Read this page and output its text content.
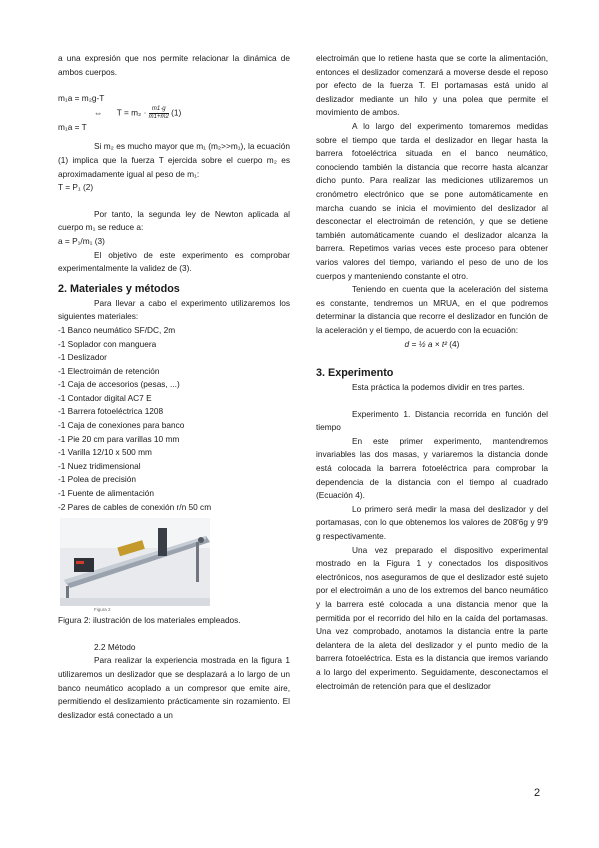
a una expresión que nos permite relacionar la dinámica de ambos cuerpos.

m₁a = m₂g-T
⇔ $T = m_2 \cdot \frac{m1\cdot g}{m1+m2} (1)$
m₁a = T

Si m₂ es mucho mayor que m₁ (m₂>>m₁), la ecuación (1) implica que la fuerza T ejercida sobre el cuerpo m₂ es aproximadamente igual al peso de m₁:

T = P₁ (2)

Por tanto, la segunda ley de Newton aplicada al cuerpo m₁ se reduce a:

a = P₁/m₁ (3)

El objetivo de este experimento es comprobar experimentalmente la validez de (3).

2. Materiales y métodos

Para llevar a cabo el experimento utilizaremos los siguientes materiales:

-1 Banco neumático SF/DC, 2m
-1 Soplador con manguera
-1 Deslizador
-1 Electroimán de retención
-1 Caja de accesorios (pesas, ...)
-1 Contador digital AC7 E
-1 Barrera fotoeléctrica 1208
-1 Caja de conexiones para banco
-1 Pie 20 cm para varillas 10 mm
-1 Varilla 12/10 x 500 mm
-1 Nuez tridimensional
-1 Polea de precisión
-1 Fuente de alimentación
-2 Pares de cables de conexión r/n 50 cm
Figura 2

Figura 2: ilustración de los materiales empleados.

2.2 Método

Para realizar la experiencia mostrada en la figura 1 utilizaremos un deslizador que se desplazará a lo largo de un banco neumático acoplado a un compresor que emite aire, permitiendo el deslizamiento prácticamente sin rozamiento. El deslizador está conectado a un

electroimán que lo retiene hasta que se corte la alimentación, entonces el deslizador comenzará a moverse desde el reposo por efecto de la fuerza T. El portamasas está unido al deslizador mediante un hilo y una polea que permite el movimiento de ambos.

A lo largo del experimento tomaremos medidas sobre el tiempo que tarda el deslizador en llegar hasta la barrera fotoeléctrica situada en el banco neumático, conociendo también la distancia que recorre hasta alcanzar dicho punto. Para realizar las mediciones utilizaremos un cronómetro electrónico que se pone automáticamente en marcha cuando se inicia el movimiento del deslizador al desconectar el electroimán de retención, y que se detiene también automáticamente cuando el deslizador alcanza la barrera. Repetimos varias veces este proceso para obtener varios valores del tiempo, variando el peso de uno de los cuerpos y manteniendo constante el otro.

Teniendo en cuenta que la aceleración del sistema es constante, tendremos un MRUA, en el que podremos determinar la distancia que recorre el deslizador en función de la aceleración y el tiempo, de acuerdo con la ecuación:

d = ½ a × t² (4)
3. Experimento

Esta práctica la podemos dividir en tres partes.

Experimento 1. Distancia recorrida en función del tiempo

En este primer experimento, mantendremos invariables las dos masas, y variaremos la distancia donde está colocada la barrera fotoeléctrica para comprobar la dependencia de la distancia con el tiempo al cuadrado (Ecuación 4).

Lo primero será medir la masa del deslizador y del portamasas, con lo que obtenemos los valores de 208'6g y 9'9 g respectivamente.

Una vez preparado el dispositivo experimental mostrado en la Figura 1 y conectados los dispositivos electrónicos, nos aseguramos de que el deslizador esté sujeto por el electroimán a uno de los extremos del banco neumático y la barrera esté colocada a una distancia menor que la permitida por el recorrido del hilo en la caída del portamasas. Una vez comprobado, anotamos la distancia entre la parte delantera de la aleta del deslizador y el punto medio de la barrera fotoeléctrica. Esta es la distancia que iremos variando a lo largo del experimento. Seguidamente, desconectamos el electroimán de retención para que el deslizador

2
